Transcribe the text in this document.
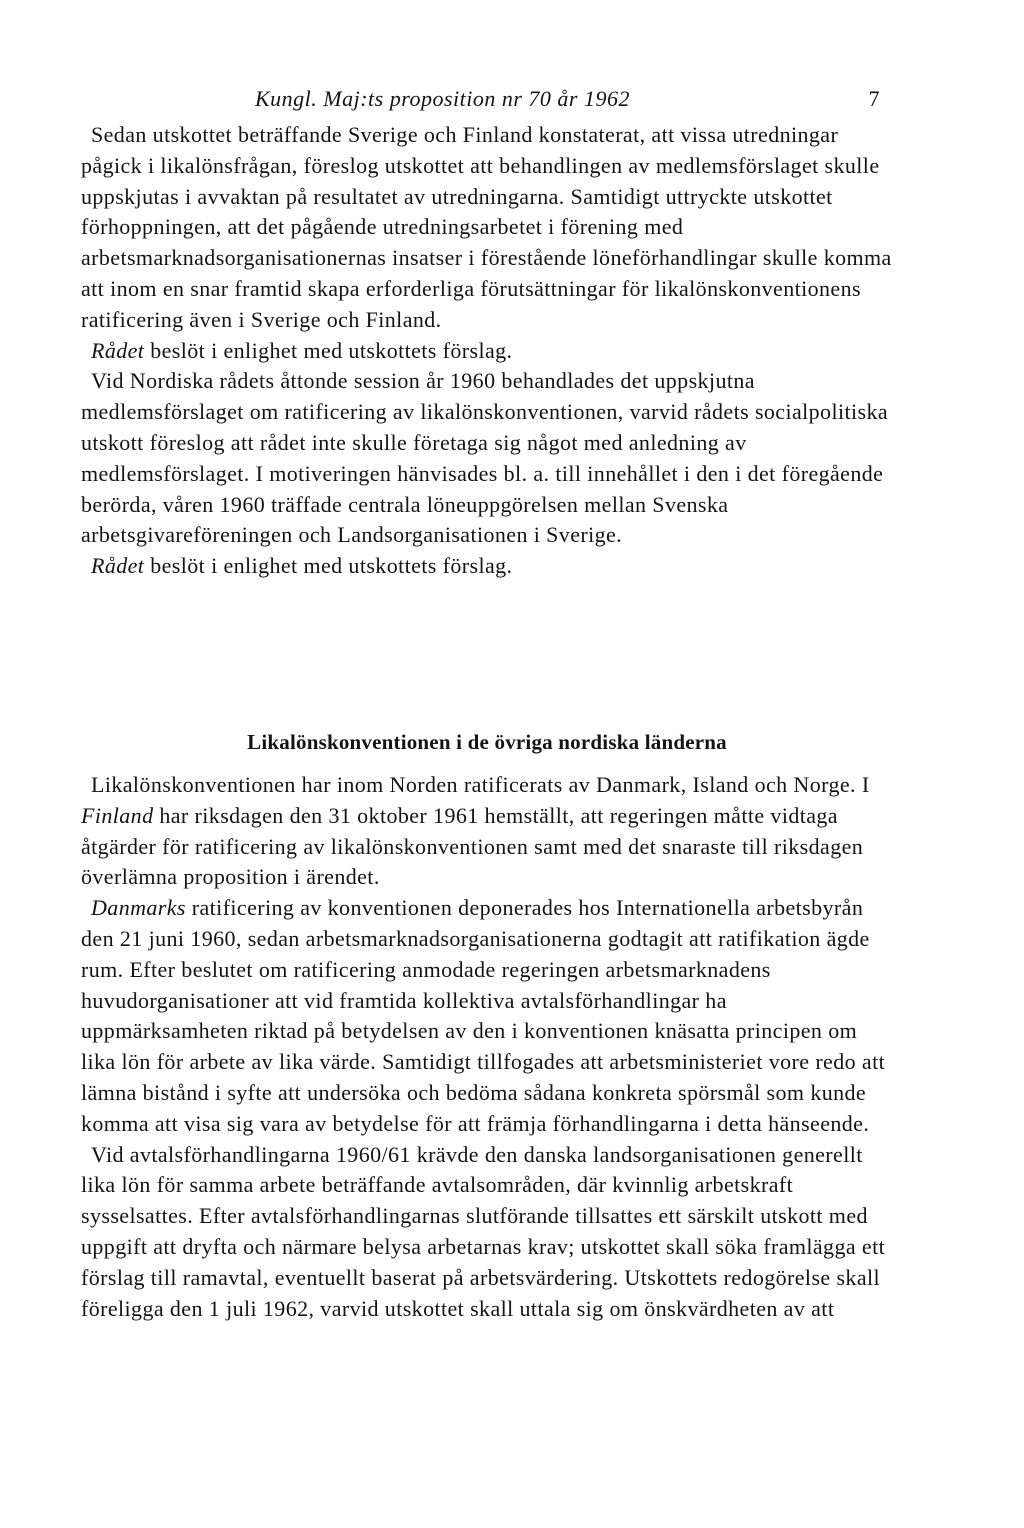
Kungl. Maj:ts proposition nr 70 år 1962	7

Sedan utskottet beträffande Sverige och Finland konstaterat, att vissa utredningar pågick i likalönsfrågan, föreslog utskottet att behandlingen av medlemsförslaget skulle uppskjutas i avvaktan på resultatet av utredningarna. Samtidigt uttryckte utskottet förhoppningen, att det pågående utredningsarbetet i förening med arbetsmarknadsorganisationernas insatser i förestående löneförhandlingar skulle komma att inom en snar framtid skapa erforderliga förutsättningar för likalönskonventionens ratificering även i Sverige och Finland.

Rådet beslöt i enlighet med utskottets förslag.

Vid Nordiska rådets åttonde session år 1960 behandlades det uppskjutna medlemsförslaget om ratificering av likalönskonventionen, varvid rådets socialpolitiska utskott föreslog att rådet inte skulle företaga sig något med anledning av medlemsförslaget. I motiveringen hänvisades bl. a. till innehållet i den i det föregående berörda, våren 1960 träffade centrala löneuppgörelsen mellan Svenska arbetsgivareföreningen och Landsorganisationen i Sverige.

Rådet beslöt i enlighet med utskottets förslag.

Likalönskonventionen i de övriga nordiska länderna

Likalönskonventionen har inom Norden ratificerats av Danmark, Island och Norge. I Finland har riksdagen den 31 oktober 1961 hemställt, att regeringen måtte vidtaga åtgärder för ratificering av likalönskonventionen samt med det snaraste till riksdagen överlämna proposition i ärendet.

Danmarks ratificering av konventionen deponerades hos Internationella arbetsbyrån den 21 juni 1960, sedan arbetsmarknadsorganisationerna godtagit att ratifikation ägde rum. Efter beslutet om ratificering anmodade regeringen arbetsmarknadens huvudorganisationer att vid framtida kollektiva avtalsförhandlingar ha uppmärksamheten riktad på betydelsen av den i konventionen knäsatta principen om lika lön för arbete av lika värde. Samtidigt tillfogades att arbetsministeriet vore redo att lämna bistånd i syfte att undersöka och bedöma sådana konkreta spörsmål som kunde komma att visa sig vara av betydelse för att främja förhandlingarna i detta hänseende.

Vid avtalsförhandlingarna 1960/61 krävde den danska landsorganisationen generellt lika lön för samma arbete beträffande avtalsområden, där kvinnlig arbetskraft sysselsattes. Efter avtalsförhandlingarnas slutförande tillsattes ett särskilt utskott med uppgift att dryfta och närmare belysa arbetarnas krav; utskottet skall söka framlägga ett förslag till ramavtal, eventuellt baserat på arbetsvärdering. Utskottets redogörelse skall föreligga den 1 juli 1962, varvid utskottet skall uttala sig om önskvärdheten av att
